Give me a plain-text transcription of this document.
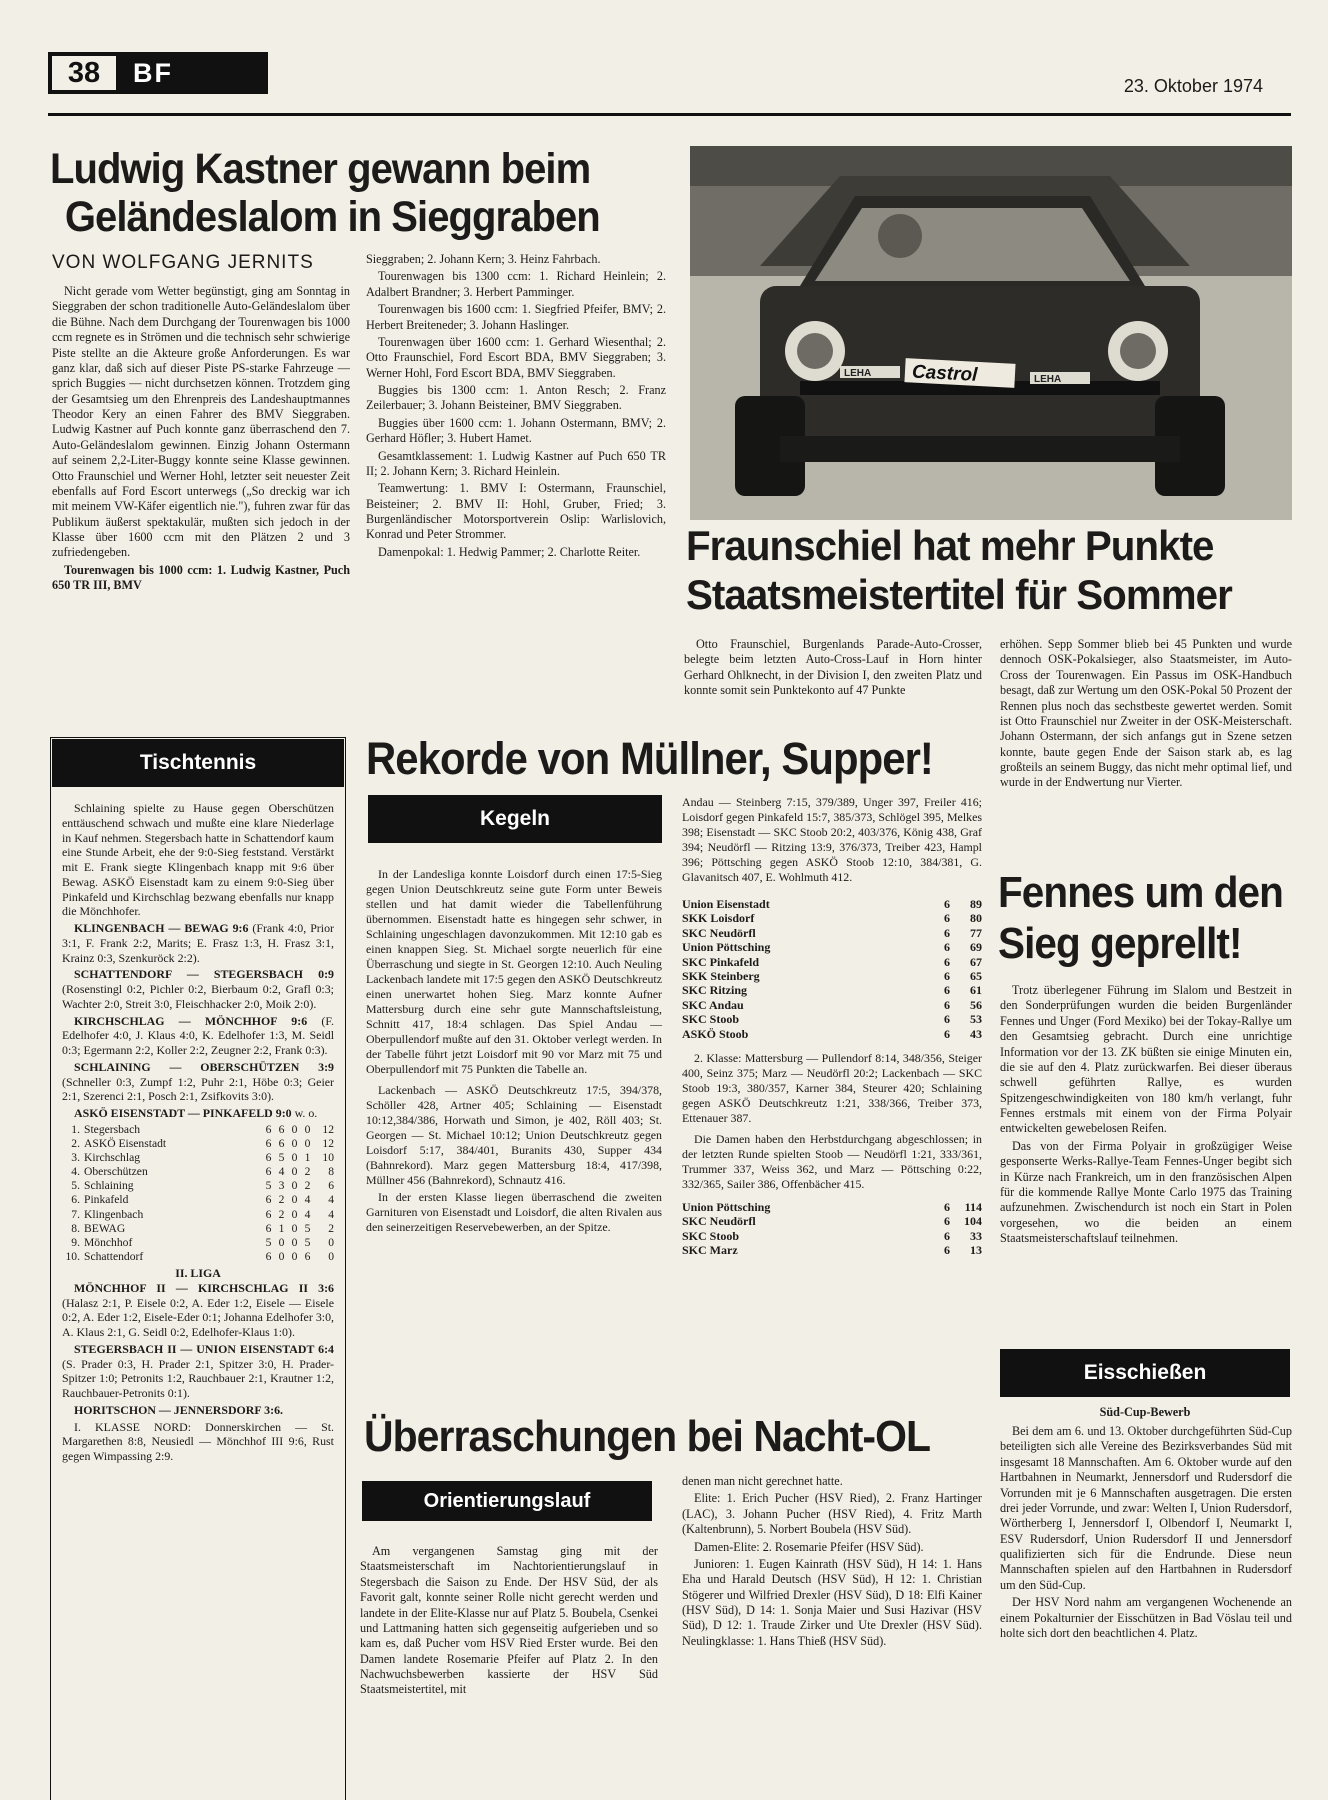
38	BF	23. Oktober 1974
Ludwig Kastner gewann beim
Geländeslalom in Sieggraben
VON WOLFGANG JERNITS

Nicht gerade vom Wetter begünstigt, ging am Sonntag in Sieggraben der schon traditionelle Auto-Geländeslalom über die Bühne. Nach dem Durchgang der Tourenwagen bis 1000 ccm regnete es in Strömen und die technisch sehr schwierige Piste stellte an die Akteure große Anforderungen. Es war ganz klar, daß sich auf dieser Piste PS-starke Fahrzeuge — sprich Buggies — nicht durchsetzen können. Trotzdem ging der Gesamtsieg um den Ehrenpreis des Landeshauptmannes Theodor Kery an einen Fahrer des BMV Sieggraben. Ludwig Kastner auf Puch konnte ganz überraschend den 7. Auto-Geländeslalom gewinnen. Einzig Johann Ostermann auf seinem 2,2-Liter-Buggy konnte seine Klasse gewinnen. Otto Fraunschiel und Werner Hohl, letzter seit neuester Zeit ebenfalls auf Ford Escort unterwegs („So dreckig war ich mit meinem VW-Käfer eigentlich nie."), fuhren zwar für das Publikum äußerst spektakulär, mußten sich jedoch in der Klasse über 1600 ccm mit den Plätzen 2 und 3 zufriedengeben.

Tourenwagen bis 1000 ccm: 1. Ludwig Kastner, Puch 650 TR III, BMV

Sieggraben; 2. Johann Kern; 3. Heinz Fahrbach.

Tourenwagen bis 1300 ccm: 1. Richard Heinlein; 2. Adalbert Brandner; 3. Herbert Pamminger.

Tourenwagen bis 1600 ccm: 1. Siegfried Pfeifer, BMV; 2. Herbert Breiteneder; 3. Johann Haslinger.

Tourenwagen über 1600 ccm: 1. Gerhard Wiesenthal; 2. Otto Fraunschiel, Ford Escort BDA, BMV Sieggraben; 3. Werner Hohl, Ford Escort BDA, BMV Sieggraben.

Buggies bis 1300 ccm: 1. Anton Resch; 2. Franz Zeilerbauer; 3. Johann Beisteiner, BMV Sieggraben.

Buggies über 1600 ccm: 1. Johann Ostermann, BMV; 2. Gerhard Höfler; 3. Hubert Hamet.

Gesamtklassement: 1. Ludwig Kastner auf Puch 650 TR II; 2. Johann Kern; 3. Richard Heinlein.

Teamwertung: 1. BMV I: Ostermann, Fraunschiel, Beisteiner; 2. BMV II: Hohl, Gruber, Fried; 3. Burgenländischer Motorsportverein Oslip: Warlislovich, Konrad und Peter Strommer.

Damenpokal: 1. Hedwig Pammer; 2. Charlotte Reiter.

Castrol
LEHA
LEHA
Fraunschiel hat mehr Punkte
Staatsmeistertitel für Sommer
Otto Fraunschiel, Burgenlands Parade-Auto-Crosser, belegte beim letzten Auto-Cross-Lauf in Horn hinter Gerhard Ohlknecht, in der Division I, den zweiten Platz und konnte somit sein Punktekonto auf 47 Punkte
erhöhen. Sepp Sommer blieb bei 45 Punkten und wurde dennoch OSK-Pokalsieger, also Staatsmeister, im Auto-Cross der Tourenwagen. Ein Passus im OSK-Handbuch besagt, daß zur Wertung um den OSK-Pokal 50 Prozent der Rennen plus noch das sechstbeste gewertet werden. Somit ist Otto Fraunschiel nur Zweiter in der OSK-Meisterschaft. Johann Ostermann, der sich anfangs gut in Szene setzen konnte, baute gegen Ende der Saison stark ab, es lag großteils an seinem Buggy, das nicht mehr optimal lief, und wurde in der Endwertung nur Vierter.
Tischtennis

Schlaining spielte zu Hause gegen Oberschützen enttäuschend schwach und mußte eine klare Niederlage in Kauf nehmen. Stegersbach hatte in Schattendorf kaum eine Stunde Arbeit, ehe der 9:0-Sieg feststand. Verstärkt mit E. Frank siegte Klingenbach knapp mit 9:6 über Bewag. ASKÖ Eisenstadt kam zu einem 9:0-Sieg über Pinkafeld und Kirchschlag bezwang ebenfalls nur knapp die Mönchhofer.

KLINGENBACH — BEWAG 9:6 (Frank 4:0, Prior 3:1, F. Frank 2:2, Marits; E. Frasz 1:3, H. Frasz 3:1, Krainz 0:3, Szenkuröck 2:2).

SCHATTENDORF — STEGERSBACH 0:9 (Rosenstingl 0:2, Pichler 0:2, Bierbaum 0:2, Grafl 0:3; Wachter 2:0, Streit 3:0, Fleischhacker 2:0, Moik 2:0).

KIRCHSCHLAG — MÖNCHHOF 9:6 (F. Edelhofer 4:0, J. Klaus 4:0, K. Edelhofer 1:3, M. Seidl 0:3; Egermann 2:2, Koller 2:2, Zeugner 2:2, Frank 0:3).

SCHLAINING — OBERSCHÜTZEN 3:9 (Schneller 0:3, Zumpf 1:2, Puhr 2:1, Höbe 0:3; Geier 2:1, Szerenci 2:1, Posch 2:1, Zsifkovits 3:0).

ASKÖ EISENSTADT — PINKAFELD 9:0 w. o.

1.	Stegersbach	6	6	0	0	12
2.	ASKÖ Eisenstadt	6	6	0	0	12
3.	Kirchschlag	6	5	0	1	10
4.	Oberschützen	6	4	0	2	8
5.	Schlaining	5	3	0	2	6
6.	Pinkafeld	6	2	0	4	4
7.	Klingenbach	6	2	0	4	4
8.	BEWAG	6	1	0	5	2
9.	Mönchhof	5	0	0	5	0
10.	Schattendorf	6	0	0	6	0
II. LIGA

MÖNCHHOF II — KIRCHSCHLAG II 3:6 (Halasz 2:1, P. Eisele 0:2, A. Eder 1:2, Eisele — Eisele 0:2, A. Eder 1:2, Eisele-Eder 0:1; Johanna Edelhofer 3:0, A. Klaus 2:1, G. Seidl 0:2, Edelhofer-Klaus 1:0).

STEGERSBACH II — UNION EISENSTADT 6:4 (S. Prader 0:3, H. Prader 2:1, Spitzer 3:0, H. Prader-Spitzer 1:0; Petronits 1:2, Rauchbauer 2:1, Krautner 1:2, Rauchbauer-Petronits 0:1).

HORITSCHON — JENNERSDORF 3:6.

I. KLASSE NORD: Donnerskirchen — St. Margarethen 8:8, Neusiedl — Mönchhof III 9:6, Rust gegen Wimpassing 2:9.

Rekorde von Müllner, Supper!
Kegeln

In der Landesliga konnte Loisdorf durch einen 17:5-Sieg gegen Union Deutschkreutz seine gute Form unter Beweis stellen und hat damit wieder die Tabellenführung übernommen. Eisenstadt hatte es hingegen sehr schwer, in Schlaining ungeschlagen davonzukommen. Mit 12:10 gab es einen knappen Sieg. St. Michael sorgte neuerlich für eine Überraschung und siegte in St. Georgen 12:10. Auch Neuling Lackenbach landete mit 17:5 gegen den ASKÖ Deutschkreutz einen unerwartet hohen Sieg. Marz konnte Aufner Mattersburg durch eine sehr gute Mannschaftsleistung, Schnitt 417, 18:4 schlagen. Das Spiel Andau — Oberpullendorf mußte auf den 31. Oktober verlegt werden. In der Tabelle führt jetzt Loisdorf mit 90 vor Marz mit 75 und Oberpullendorf mit 75 Punkten die Tabelle an.

Lackenbach — ASKÖ Deutschkreutz 17:5, 394/378, Schöller 428, Artner 405; Schlaining — Eisenstadt 10:12,384/386, Horwath und Simon, je 402, Röll 403; St. Georgen — St. Michael 10:12; Union Deutschkreutz gegen Loisdorf 5:17, 384/401, Buranits 430, Supper 434 (Bahnrekord). Marz gegen Mattersburg 18:4, 417/398, Müllner 456 (Bahnrekord), Schnautz 416.

In der ersten Klasse liegen überraschend die zweiten Garnituren von Eisenstadt und Loisdorf, die alten Rivalen aus den seinerzeitigen Reservebewerben, an der Spitze.

Andau — Steinberg 7:15, 379/389, Unger 397, Freiler 416; Loisdorf gegen Pinkafeld 15:7, 385/373, Schlögel 395, Melkes 398; Eisenstadt — SKC Stoob 20:2, 403/376, König 438, Graf 394; Neudörfl — Ritzing 13:9, 376/373, Treiber 423, Hampl 396; Pöttsching gegen ASKÖ Stoob 12:10, 384/381, G. Glavanitsch 407, E. Wohlmuth 412.

Union Eisenstadt	6	89
SKK Loisdorf	6	80
SKC Neudörfl	6	77
Union Pöttsching	6	69
SKC Pinkafeld	6	67
SKK Steinberg	6	65
SKC Ritzing	6	61
SKC Andau	6	56
SKC Stoob	6	53
ASKÖ Stoob	6	43

2. Klasse: Mattersburg — Pullendorf 8:14, 348/356, Steiger 400, Seinz 375; Marz — Neudörfl 20:2; Lackenbach — SKC Stoob 19:3, 380/357, Karner 384, Steurer 420; Schlaining gegen ASKÖ Deutschkreutz 1:21, 338/366, Treiber 373, Ettenauer 387.

Die Damen haben den Herbstdurchgang abgeschlossen; in der letzten Runde spielten Stoob — Neudörfl 1:21, 333/361, Trummer 337, Weiss 362, und Marz — Pöttsching 0:22, 332/365, Sailer 386, Offenbächer 415.

Union Pöttsching	6	114
SKC Neudörfl	6	104
SKC Stoob	6	33
SKC Marz	6	13
Fennes um den
Sieg geprellt!

Trotz überlegener Führung im Slalom und Bestzeit in den Sonderprüfungen wurden die beiden Burgenländer Fennes und Unger (Ford Mexiko) bei der Tokay-Rallye um den Gesamtsieg gebracht. Durch eine unrichtige Information vor der 13. ZK büßten sie einige Minuten ein, die sie auf den 4. Platz zurückwarfen. Bei dieser überaus schwell geführten Rallye, es wurden Spitzengeschwindigkeiten von 180 km/h verlangt, fuhr Fennes erstmals mit einem von der Firma Polyair entwickelten gewebelosen Reifen.

Das von der Firma Polyair in großzügiger Weise gesponserte Werks-Rallye-Team Fennes-Unger begibt sich in Kürze nach Frankreich, um in den französischen Alpen für die kommende Rallye Monte Carlo 1975 das Training aufzunehmen. Zwischendurch ist noch ein Start in Polen vorgesehen, wo die beiden an einem Staatsmeisterschaftslauf teilnehmen.

Eisschießen
Süd-Cup-Bewerb

Bei dem am 6. und 13. Oktober durchgeführten Süd-Cup beteiligten sich alle Vereine des Bezirksverbandes Süd mit insgesamt 18 Mannschaften. Am 6. Oktober wurde auf den Hartbahnen in Neumarkt, Jennersdorf und Rudersdorf die Vorrunden mit je 6 Mannschaften ausgetragen. Die ersten drei jeder Vorrunde, und zwar: Welten I, Union Rudersdorf, Wörtherberg I, Jennersdorf I, Olbendorf I, Neumarkt I, ESV Rudersdorf, Union Rudersdorf II und Jennersdorf qualifizierten sich für die Endrunde. Diese neun Mannschaften spielen auf den Hartbahnen in Rudersdorf um den Süd-Cup.

Der HSV Nord nahm am vergangenen Wochenende an einem Pokalturnier der Eisschützen in Bad Vöslau teil und holte sich dort den beachtlichen 4. Platz.

Überraschungen bei Nacht-OL
Orientierungslauf

Am vergangenen Samstag ging mit der Staatsmeisterschaft im Nachtorientierungslauf in Stegersbach die Saison zu Ende. Der HSV Süd, der als Favorit galt, konnte seiner Rolle nicht gerecht werden und landete in der Elite-Klasse nur auf Platz 5. Boubela, Csenkei und Lattmaning hatten sich gegenseitig aufgerieben und so kam es, daß Pucher vom HSV Ried Erster wurde. Bei den Damen landete Rosemarie Pfeifer auf Platz 2. In den Nachwuchsbewerben kassierte der HSV Süd Staatsmeistertitel, mit

denen man nicht gerechnet hatte.

Elite: 1. Erich Pucher (HSV Ried), 2. Franz Hartinger (LAC), 3. Johann Pucher (HSV Ried), 4. Fritz Marth (Kaltenbrunn), 5. Norbert Boubela (HSV Süd).

Damen-Elite: 2. Rosemarie Pfeifer (HSV Süd).

Junioren: 1. Eugen Kainrath (HSV Süd), H 14: 1. Hans Eha und Harald Deutsch (HSV Süd), H 12: 1. Christian Stögerer und Wilfried Drexler (HSV Süd), D 18: Elfi Kainer (HSV Süd), D 14: 1. Sonja Maier und Susi Hazivar (HSV Süd), D 12: 1. Traude Zirker und Ute Drexler (HSV Süd). Neulingklasse: 1. Hans Thieß (HSV Süd).
